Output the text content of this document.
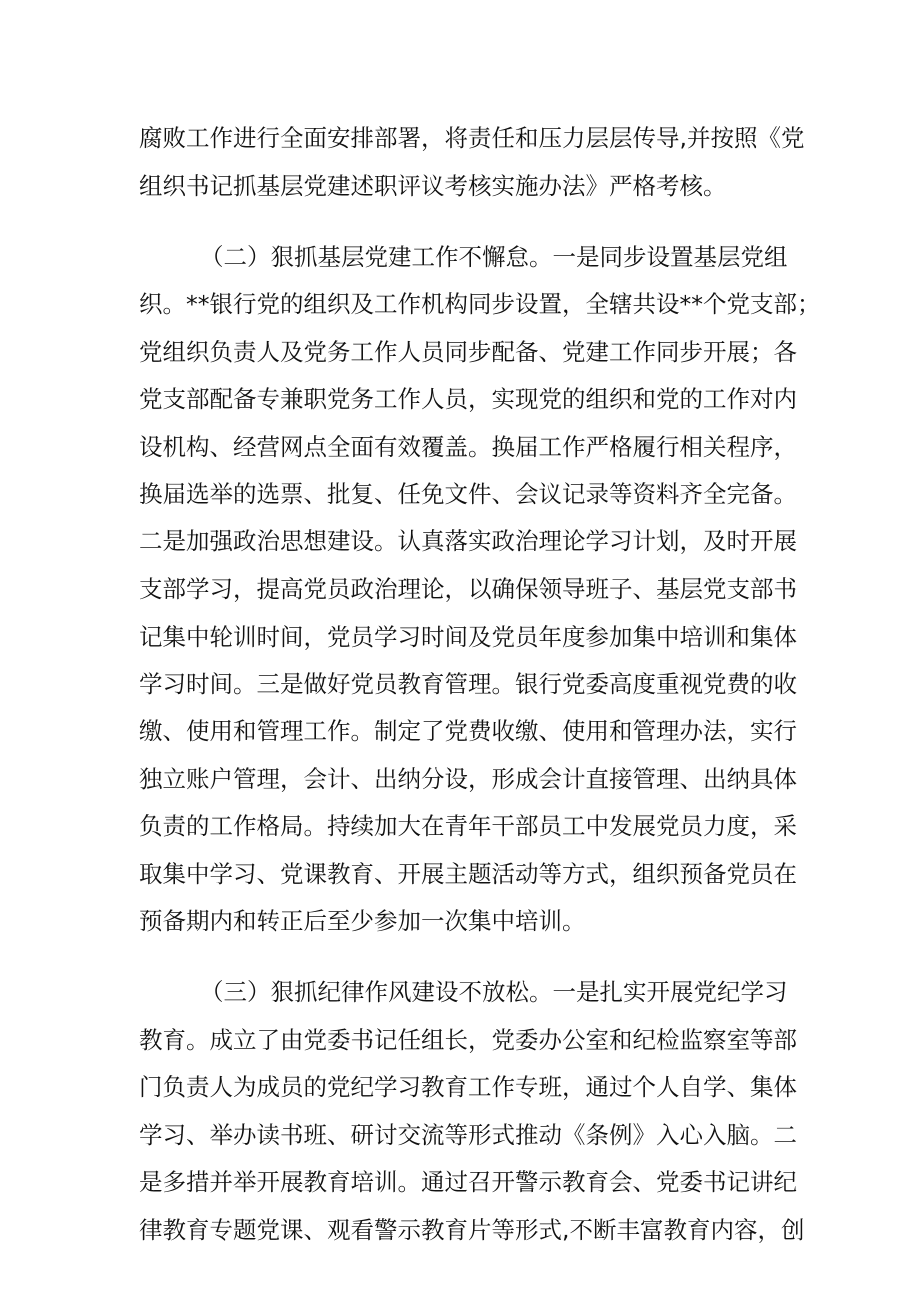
腐败工作进行全面安排部署，将责任和压力层层传导,并按照《党
组织书记抓基层党建述职评议考核实施办法》严格考核。
（二）狠抓基层党建工作不懈怠。一是同步设置基层党组
织。**银行党的组织及工作机构同步设置，全辖共设**个党支部；
党组织负责人及党务工作人员同步配备、党建工作同步开展；各
党支部配备专兼职党务工作人员，实现党的组织和党的工作对内
设机构、经营网点全面有效覆盖。换届工作严格履行相关程序，
换届选举的选票、批复、任免文件、会议记录等资料齐全完备。
二是加强政治思想建设。认真落实政治理论学习计划，及时开展
支部学习，提高党员政治理论，以确保领导班子、基层党支部书
记集中轮训时间，党员学习时间及党员年度参加集中培训和集体
学习时间。三是做好党员教育管理。银行党委高度重视党费的收
缴、使用和管理工作。制定了党费收缴、使用和管理办法，实行
独立账户管理，会计、出纳分设，形成会计直接管理、出纳具体
负责的工作格局。持续加大在青年干部员工中发展党员力度，采
取集中学习、党课教育、开展主题活动等方式，组织预备党员在
预备期内和转正后至少参加一次集中培训。
（三）狠抓纪律作风建设不放松。一是扎实开展党纪学习
教育。成立了由党委书记任组长，党委办公室和纪检监察室等部
门负责人为成员的党纪学习教育工作专班，通过个人自学、集体
学习、举办读书班、研讨交流等形式推动《条例》入心入脑。二
是多措并举开展教育培训。通过召开警示教育会、党委书记讲纪
律教育专题党课、观看警示教育片等形式,不断丰富教育内容，创
